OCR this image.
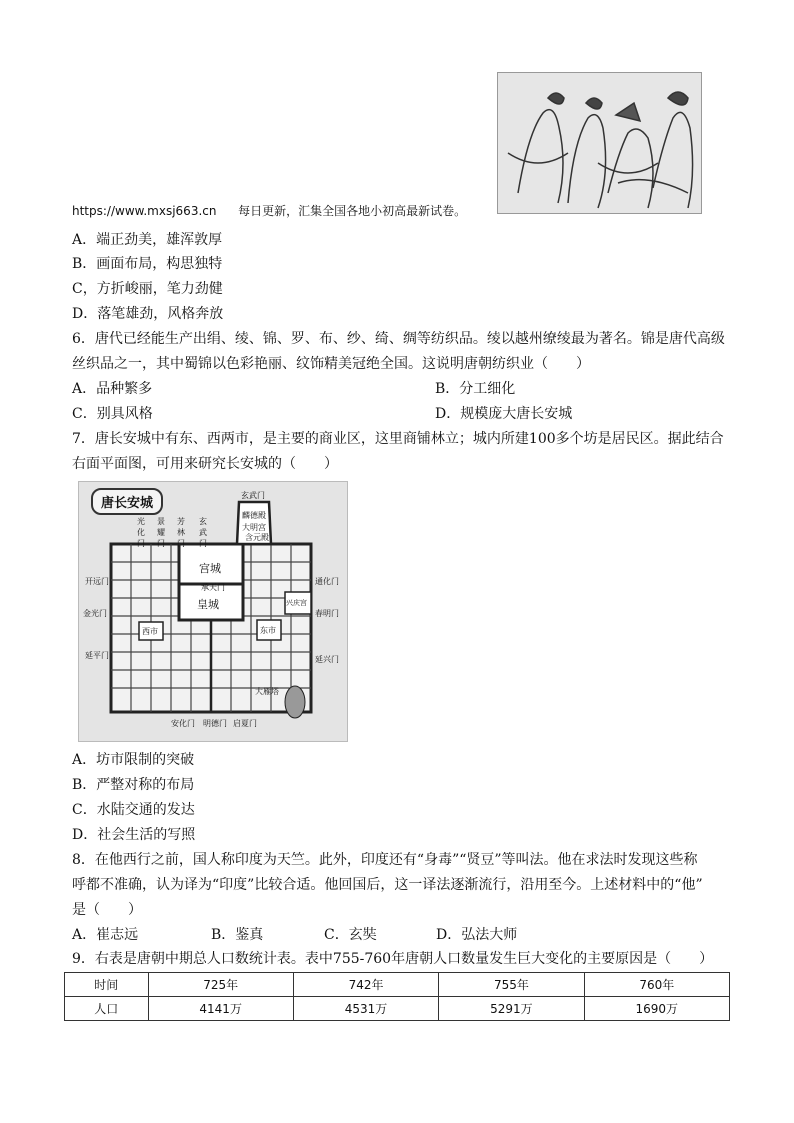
https://www.mxsj663.cn 每日更新，汇集全国各地小初高最新试卷。
A．端正劲美，雄浑敦厚
B．画面布局，构思独特
C，方折峻丽，笔力劲健
D．落笔雄劲，风格奔放
6．唐代已经能生产出绢、绫、锦、罗、布、纱、绮、绸等纺织品。绫以越州缭绫最为著名。锦是唐代高级
丝织品之一，其中蜀锦以色彩艳丽、纹饰精美冠绝全国。这说明唐朝纺织业（　　）
A．品种繁多	B．分工细化
C．别具风格	D．规模庞大唐长安城
7．唐长安城中有东、西两市，是主要的商业区，这里商铺林立；城内所建100多个坊是居民区。据此结合
右面平面图，可用来研究长安城的（　　）
唐长安城
光化门
景耀门
芳林门
玄武门
玄武门
麟德殿
大明宫
含元殿
宫城
承天门
皇城	兴庆宫
西市	东市
开远门
金光门
延平门
通化门
春明门
延兴门
安化门 明德门 启夏门
大雁塔
A．坊市限制的突破
B．严整对称的布局
C．水陆交通的发达
D．社会生活的写照
8．在他西行之前，国人称印度为天竺。此外，印度还有“身毒”“贤豆”等叫法。他在求法时发现这些称
呼都不准确，认为译为“印度”比较合适。他回国后，这一译法逐渐流行，沿用至今。上述材料中的“他”
是（　　）
A．崔志远	B．鉴真	C．玄奘	D．弘法大师
9．右表是唐朝中期总人口数统计表。表中755-760年唐朝人口数量发生巨大变化的主要原因是（　　）
时间	725年	742年	755年	760年
人口	4141万	4531万	5291万	1690万
